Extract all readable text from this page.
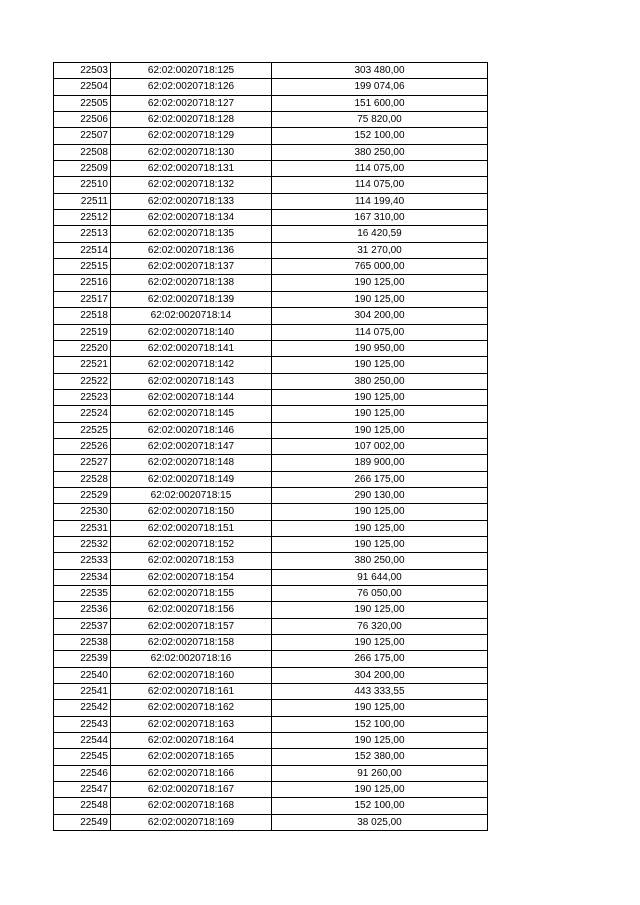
22503	62:02:0020718:125	303 480,00
22504	62:02:0020718:126	199 074,06
22505	62:02:0020718:127	151 600,00
22506	62:02:0020718:128	75 820,00
22507	62:02:0020718:129	152 100,00
22508	62:02:0020718:130	380 250,00
22509	62:02:0020718:131	114 075,00
22510	62:02:0020718:132	114 075,00
22511	62:02:0020718:133	114 199,40
22512	62:02:0020718:134	167 310,00
22513	62:02:0020718:135	16 420,59
22514	62:02:0020718:136	31 270,00
22515	62:02:0020718:137	765 000,00
22516	62:02:0020718:138	190 125,00
22517	62:02:0020718:139	190 125,00
22518	62:02:0020718:14	304 200,00
22519	62:02:0020718:140	114 075,00
22520	62:02:0020718:141	190 950,00
22521	62:02:0020718:142	190 125,00
22522	62:02:0020718:143	380 250,00
22523	62:02:0020718:144	190 125,00
22524	62:02:0020718:145	190 125,00
22525	62:02:0020718:146	190 125,00
22526	62:02:0020718:147	107 002,00
22527	62:02:0020718:148	189 900,00
22528	62:02:0020718:149	266 175,00
22529	62:02:0020718:15	290 130,00
22530	62:02:0020718:150	190 125,00
22531	62:02:0020718:151	190 125,00
22532	62:02:0020718:152	190 125,00
22533	62:02:0020718:153	380 250,00
22534	62:02:0020718:154	91 644,00
22535	62:02:0020718:155	76 050,00
22536	62:02:0020718:156	190 125,00
22537	62:02:0020718:157	76 320,00
22538	62:02:0020718:158	190 125,00
22539	62:02:0020718:16	266 175,00
22540	62:02:0020718:160	304 200,00
22541	62:02:0020718:161	443 333,55
22542	62:02:0020718:162	190 125,00
22543	62:02:0020718:163	152 100,00
22544	62:02:0020718:164	190 125,00
22545	62:02:0020718:165	152 380,00
22546	62:02:0020718:166	91 260,00
22547	62:02:0020718:167	190 125,00
22548	62:02:0020718:168	152 100,00
22549	62:02:0020718:169	38 025,00
